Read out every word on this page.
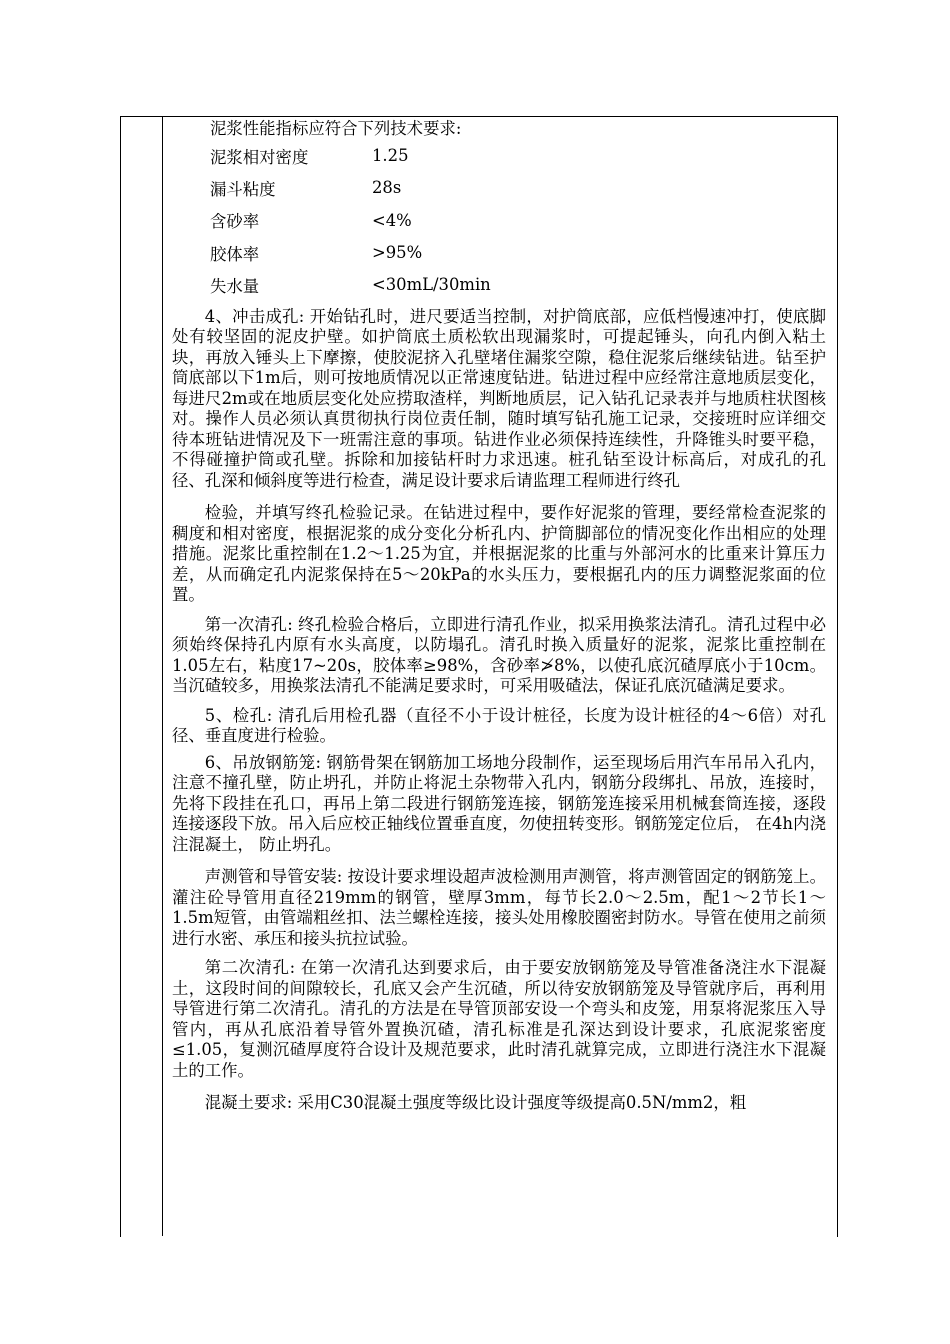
泥浆性能指标应符合下列技术要求:

泥浆相对密度	1.25
漏斗粘度	28s
含砂率	<4%
胶体率	>95%
失水量	<30mL/30min

4、冲击成孔: 开始钻孔时，进尺要适当控制，对护筒底部，应低档慢速冲打，使底脚处有较坚固的泥皮护壁。如护筒底土质松软出现漏浆时，可提起锤头，向孔内倒入粘土块，再放入锤头上下摩擦，使胶泥挤入孔壁堵住漏浆空隙，稳住泥浆后继续钻进。钻至护筒底部以下1m后，则可按地质情况以正常速度钻进。钻进过程中应经常注意地质层变化，每进尺2m或在地质层变化处应捞取渣样，判断地质层，记入钻孔记录表并与地质柱状图核对。操作人员必须认真贯彻执行岗位责任制，随时填写钻孔施工记录，交接班时应详细交待本班钻进情况及下一班需注意的事项。钻进作业必须保持连续性，升降锥头时要平稳，不得碰撞护筒或孔壁。拆除和加接钻杆时力求迅速。桩孔钻至设计标高后，对成孔的孔径、孔深和倾斜度等进行检查，满足设计要求后请监理工程师进行终孔

检验，并填写终孔检验记录。在钻进过程中，要作好泥浆的管理，要经常检查泥浆的稠度和相对密度，根据泥浆的成分变化分析孔内、护筒脚部位的情况变化作出相应的处理措施。泥浆比重控制在1.2～1.25为宜，并根据泥浆的比重与外部河水的比重来计算压力差，从而确定孔内泥浆保持在5～20kPa的水头压力，要根据孔内的压力调整泥浆面的位置。

第一次清孔: 终孔检验合格后，立即进行清孔作业，拟采用换浆法清孔。清孔过程中必须始终保持孔内原有水头高度，以防塌孔。清孔时换入质量好的泥浆，泥浆比重控制在1.05左右，粘度17~20s，胶体率≥98%，含砂率≯8%，以使孔底沉碴厚底小于10cm。当沉碴较多，用换浆法清孔不能满足要求时，可采用吸碴法，保证孔底沉碴满足要求。

5、检孔: 清孔后用检孔器（直径不小于设计桩径，长度为设计桩径的4～6倍）对孔径、垂直度进行检验。

6、吊放钢筋笼: 钢筋骨架在钢筋加工场地分段制作，运至现场后用汽车吊吊入孔内，注意不撞孔壁，防止坍孔，并防止将泥土杂物带入孔内，钢筋分段绑扎、吊放，连接时，先将下段挂在孔口，再吊上第二段进行钢筋笼连接，钢筋笼连接采用机械套筒连接，逐段连接逐段下放。吊入后应校正轴线位置垂直度，勿使扭转变形。钢筋笼定位后， 在4h内浇注混凝土， 防止坍孔。

声测管和导管安装: 按设计要求埋设超声波检测用声测管，将声测管固定的钢筋笼上。灌注砼导管用直径219mm的钢管，壁厚3mm，每节长2.0～2.5m，配1～2节长1～1.5m短管，由管端粗丝扣、法兰螺栓连接，接头处用橡胶圈密封防水。导管在使用之前须进行水密、承压和接头抗拉试验。

第二次清孔: 在第一次清孔达到要求后，由于要安放钢筋笼及导管准备浇注水下混凝土，这段时间的间隙较长，孔底又会产生沉碴，所以待安放钢筋笼及导管就序后，再利用导管进行第二次清孔。清孔的方法是在导管顶部安设一个弯头和皮笼，用泵将泥浆压入导管内，再从孔底沿着导管外置换沉碴，清孔标准是孔深达到设计要求，孔底泥浆密度≤1.05，复测沉碴厚度符合设计及规范要求，此时清孔就算完成，立即进行浇注水下混凝土的工作。

混凝土要求: 采用C30混凝土强度等级比设计强度等级提高0.5N/mm2，粗
